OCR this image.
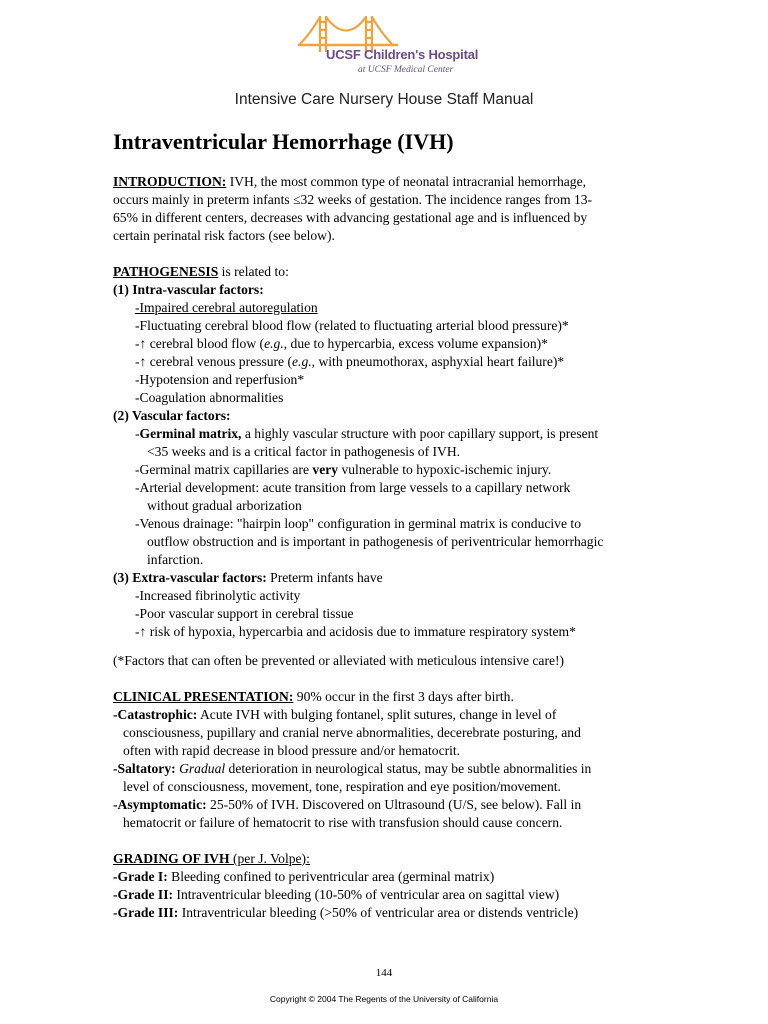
UCSF Children's Hospital
at UCSF Medical Center
Intensive Care Nursery House Staff Manual
Intraventricular Hemorrhage (IVH)
INTRODUCTION: IVH, the most common type of neonatal intracranial hemorrhage,
occurs mainly in preterm infants ≤32 weeks of gestation. The incidence ranges from 13-
65% in different centers, decreases with advancing gestational age and is influenced by
certain perinatal risk factors (see below).
PATHOGENESIS is related to:
(1) Intra-vascular factors:
-Impaired cerebral autoregulation
-Fluctuating cerebral blood flow (related to fluctuating arterial blood pressure)*
-↑ cerebral blood flow (e.g., due to hypercarbia, excess volume expansion)*
-↑ cerebral venous pressure (e.g., with pneumothorax, asphyxial heart failure)*
-Hypotension and reperfusion*
-Coagulation abnormalities
(2) Vascular factors:
-Germinal matrix, a highly vascular structure with poor capillary support, is present
<35 weeks and is a critical factor in pathogenesis of IVH.
-Germinal matrix capillaries are very vulnerable to hypoxic-ischemic injury.
-Arterial development: acute transition from large vessels to a capillary network
without gradual arborization
-Venous drainage: "hairpin loop" configuration in germinal matrix is conducive to
outflow obstruction and is important in pathogenesis of periventricular hemorrhagic
infarction.
(3) Extra-vascular factors: Preterm infants have
-Increased fibrinolytic activity
-Poor vascular support in cerebral tissue
-↑ risk of hypoxia, hypercarbia and acidosis due to immature respiratory system*
(*Factors that can often be prevented or alleviated with meticulous intensive care!)
CLINICAL PRESENTATION: 90% occur in the first 3 days after birth.
-Catastrophic: Acute IVH with bulging fontanel, split sutures, change in level of
consciousness, pupillary and cranial nerve abnormalities, decerebrate posturing, and
often with rapid decrease in blood pressure and/or hematocrit.
-Saltatory: Gradual deterioration in neurological status, may be subtle abnormalities in
level of consciousness, movement, tone, respiration and eye position/movement.
-Asymptomatic: 25-50% of IVH. Discovered on Ultrasound (U/S, see below). Fall in
hematocrit or failure of hematocrit to rise with transfusion should cause concern.
GRADING OF IVH (per J. Volpe):
-Grade I: Bleeding confined to periventricular area (germinal matrix)
-Grade II: Intraventricular bleeding (10-50% of ventricular area on sagittal view)
-Grade III: Intraventricular bleeding (>50% of ventricular area or distends ventricle)
144
Copyright © 2004 The Regents of the University of California
